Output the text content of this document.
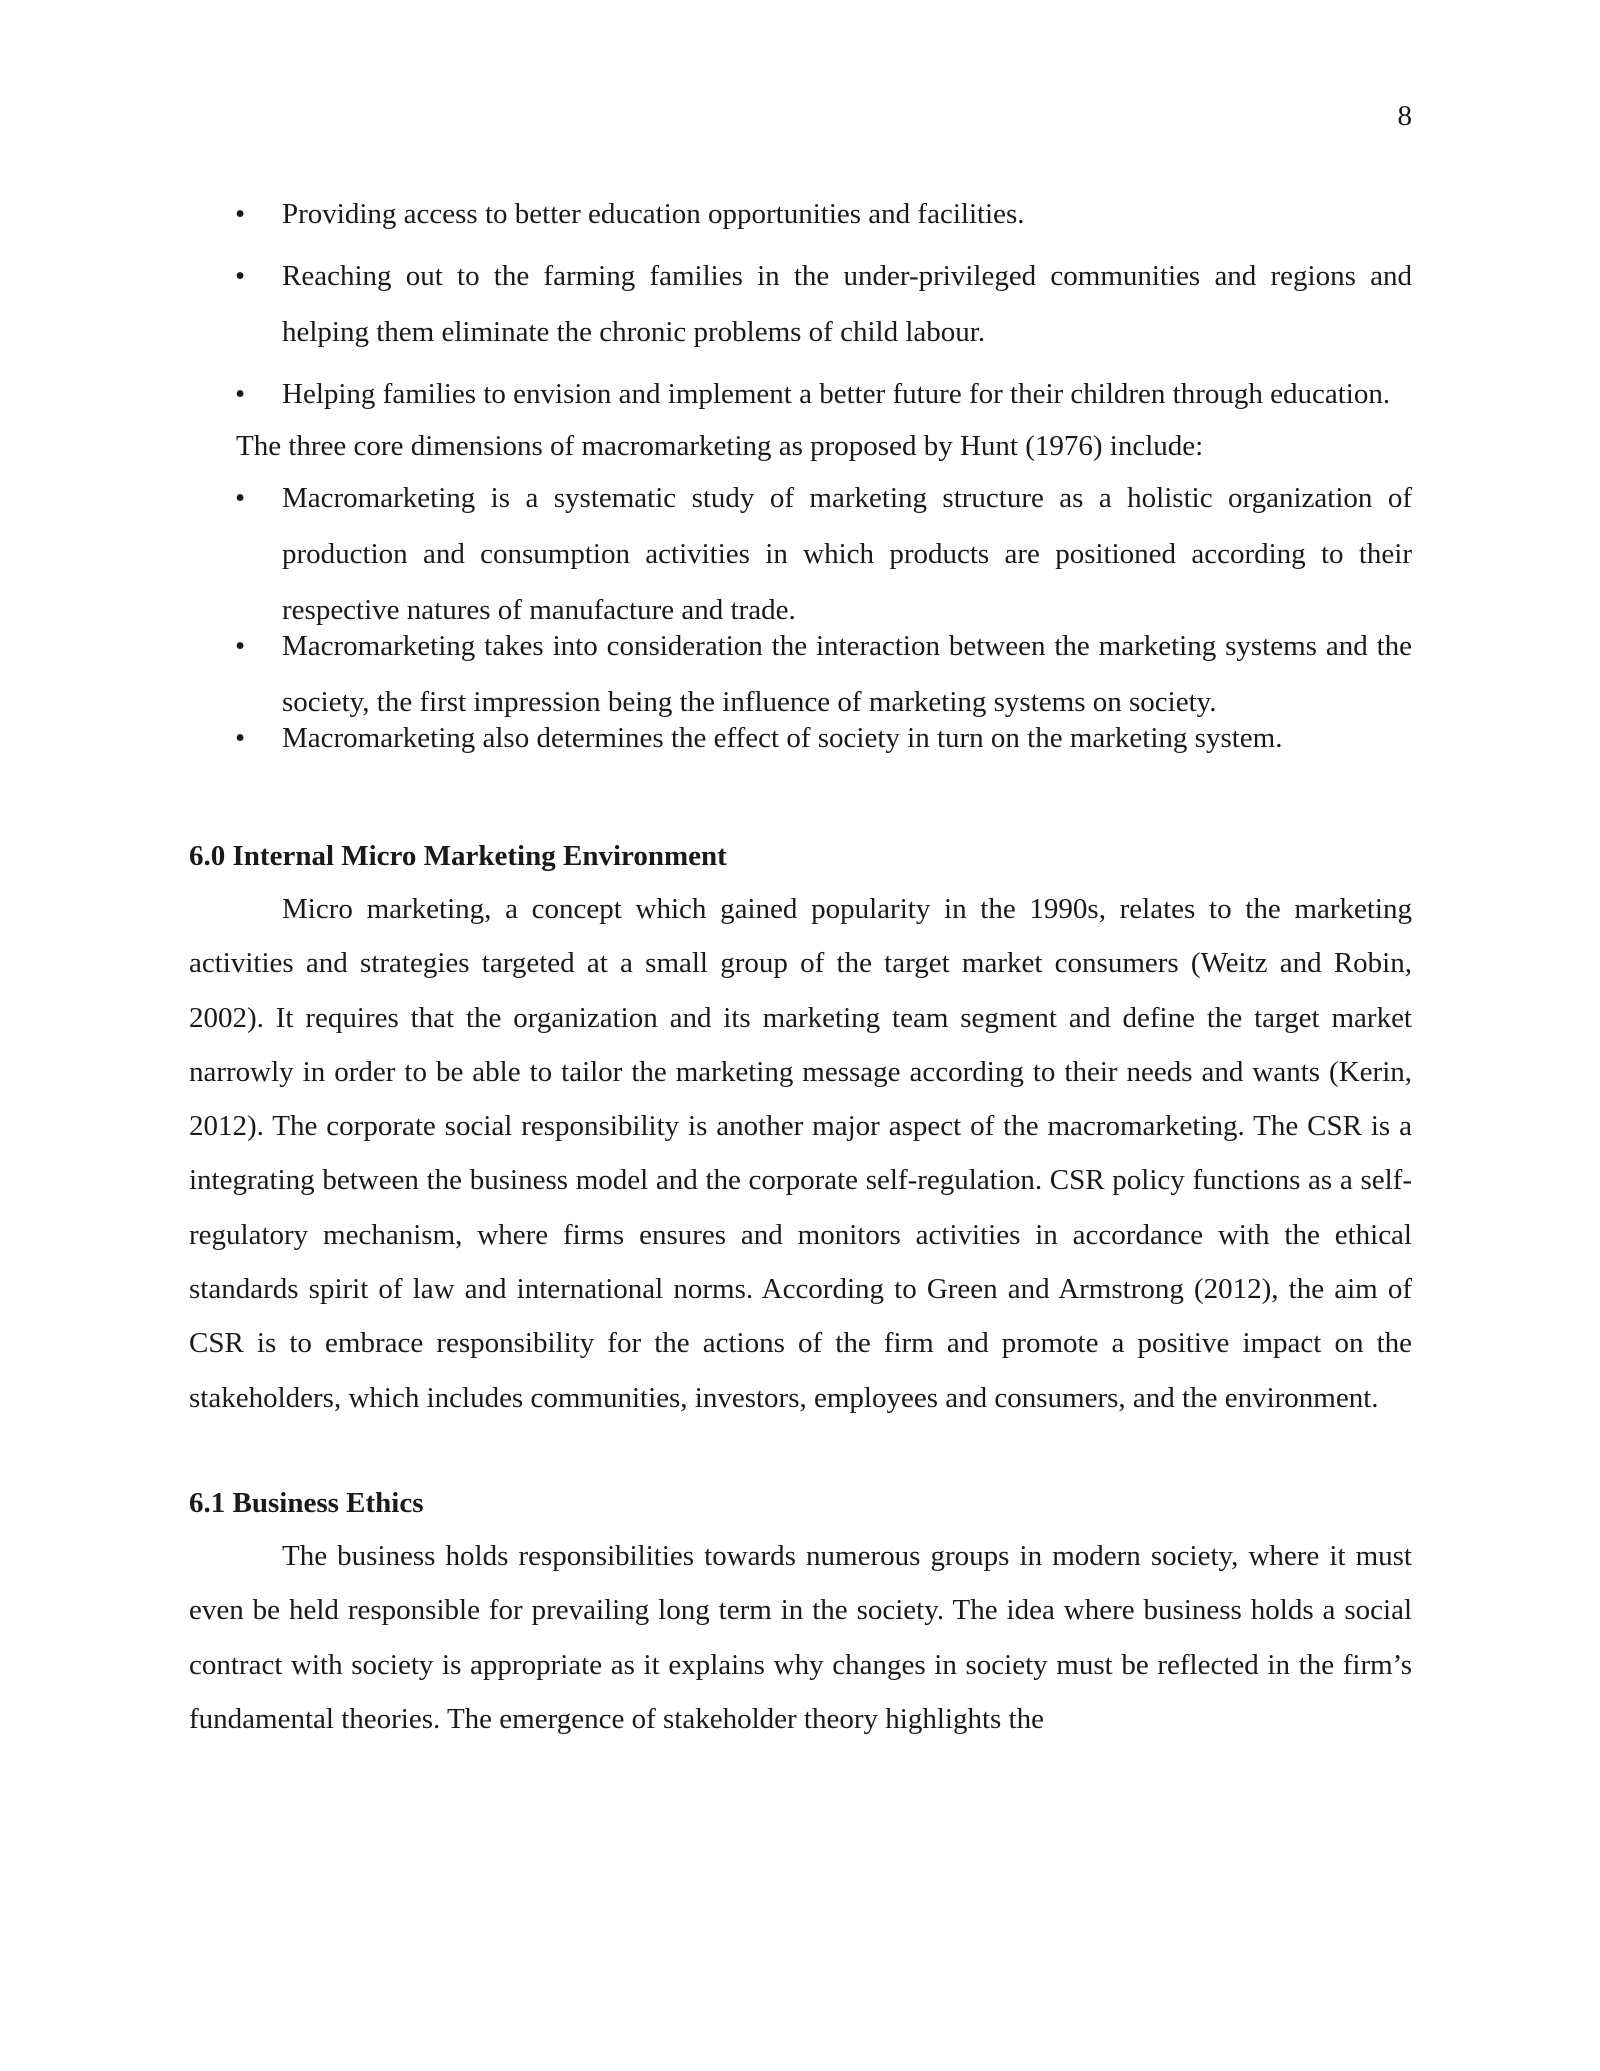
8
• Providing access to better education opportunities and facilities.
• Reaching out to the farming families in the under-privileged communities and regions and helping them eliminate the chronic problems of child labour.
• Helping families to envision and implement a better future for their children through education.

The three core dimensions of macromarketing as proposed by Hunt (1976) include:

• Macromarketing is a systematic study of marketing structure as a holistic organization of production and consumption activities in which products are positioned according to their respective natures of manufacture and trade.
• Macromarketing takes into consideration the interaction between the marketing systems and the society, the first impression being the influence of marketing systems on society.
• Macromarketing also determines the effect of society in turn on the marketing system.
6.0 Internal Micro Marketing Environment

Micro marketing, a concept which gained popularity in the 1990s, relates to the marketing activities and strategies targeted at a small group of the target market consumers (Weitz and Robin, 2002). It requires that the organization and its marketing team segment and define the target market narrowly in order to be able to tailor the marketing message according to their needs and wants (Kerin, 2012). The corporate social responsibility is another major aspect of the macromarketing. The CSR is a integrating between the business model and the corporate self-regulation. CSR policy functions as a self-regulatory mechanism, where firms ensures and monitors activities in accordance with the ethical standards spirit of law and international norms. According to Green and Armstrong (2012), the aim of CSR is to embrace responsibility for the actions of the firm and promote a positive impact on the stakeholders, which includes communities, investors, employees and consumers, and the environment.

6.1 Business Ethics

The business holds responsibilities towards numerous groups in modern society, where it must even be held responsible for prevailing long term in the society. The idea where business holds a social contract with society is appropriate as it explains why changes in society must be reflected in the firm’s fundamental theories. The emergence of stakeholder theory highlights the
